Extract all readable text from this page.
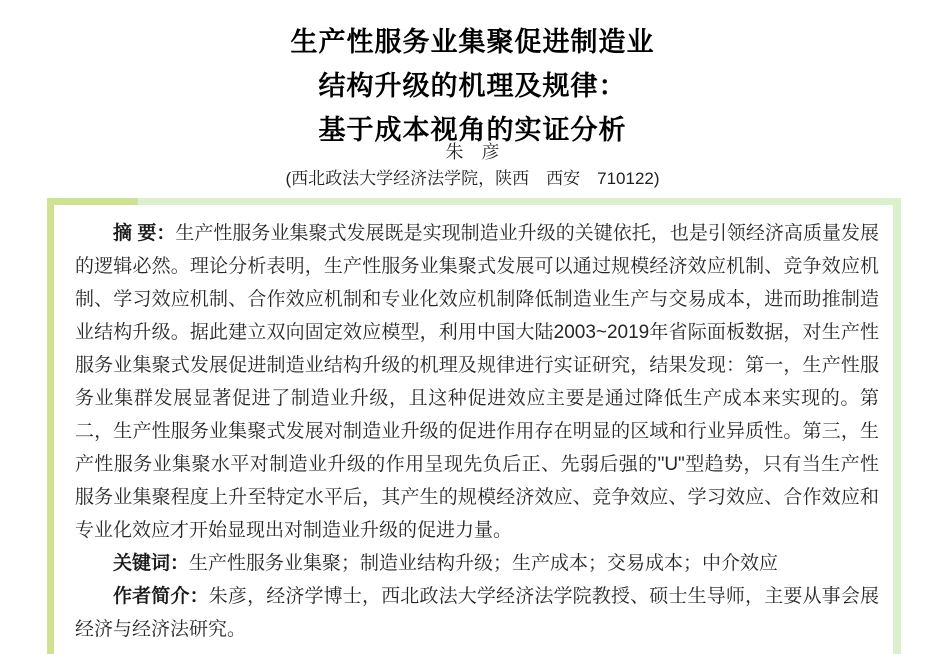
生产性服务业集聚促进制造业
结构升级的机理及规律：
基于成本视角的实证分析
朱　彦
(西北政法大学经济法学院，陕西　西安　710122)

摘 要：生产性服务业集聚式发展既是实现制造业升级的关键依托，也是引领经济高质量发展的逻辑必然。理论分析表明，生产性服务业集聚式发展可以通过规模经济效应机制、竞争效应机制、学习效应机制、合作效应机制和专业化效应机制降低制造业生产与交易成本，进而助推制造业结构升级。据此建立双向固定效应模型，利用中国大陆2003~2019年省际面板数据，对生产性服务业集聚式发展促进制造业结构升级的机理及规律进行实证研究，结果发现：第一，生产性服务业集群发展显著促进了制造业升级，且这种促进效应主要是通过降低生产成本来实现的。第二，生产性服务业集聚式发展对制造业升级的促进作用存在明显的区域和行业异质性。第三，生产性服务业集聚水平对制造业升级的作用呈现先负后正、先弱后强的"U"型趋势，只有当生产性服务业集聚程度上升至特定水平后，其产生的规模经济效应、竞争效应、学习效应、合作效应和专业化效应才开始显现出对制造业升级的促进力量。

关键词：生产性服务业集聚；制造业结构升级；生产成本；交易成本；中介效应

作者简介：朱彦，经济学博士，西北政法大学经济法学院教授、硕士生导师，主要从事会展经济与经济法研究。
